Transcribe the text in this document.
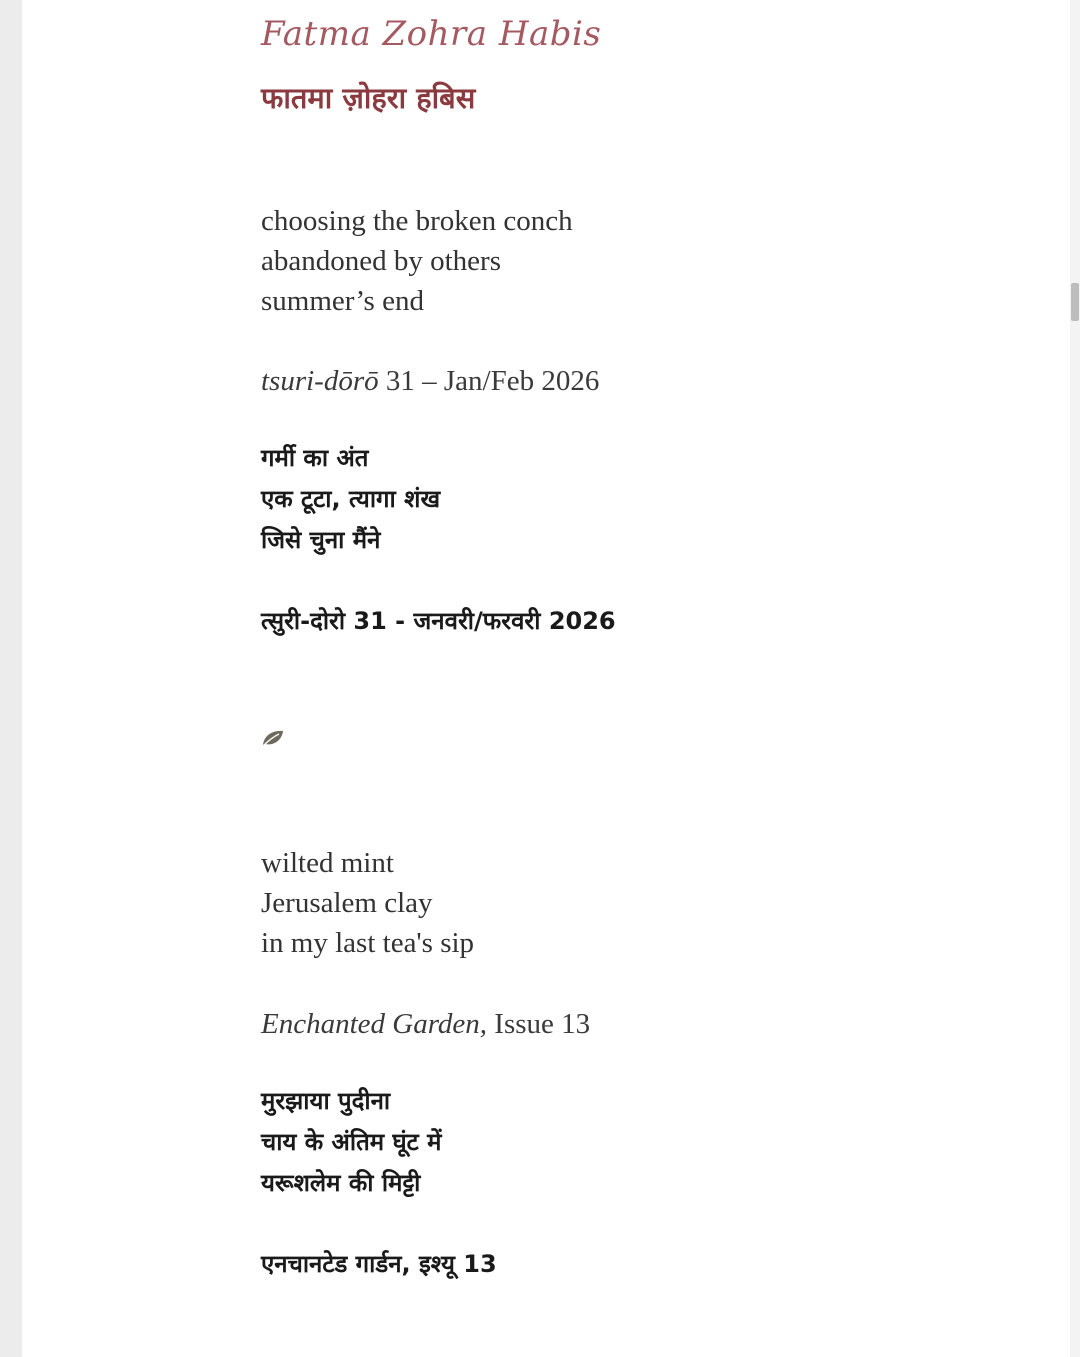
Fatma Zohra Habis
फातमा ज़ोहरा हबिस
choosing the broken conch
abandoned by others
summer’s end
tsuri-dōrō 31 – Jan/Feb 2026
गर्मी का अंत
एक टूटा, त्यागा शंख
जिसे चुना मैंने
त्सुरी-दोरो 31 - जनवरी/फरवरी 2026
wilted mint
Jerusalem clay
in my last tea's sip
Enchanted Garden, Issue 13
मुरझाया पुदीना
चाय के अंतिम घूंट में
यरूशलेम की मिट्टी
एनचानटेड गार्डन, इश्यू 13
